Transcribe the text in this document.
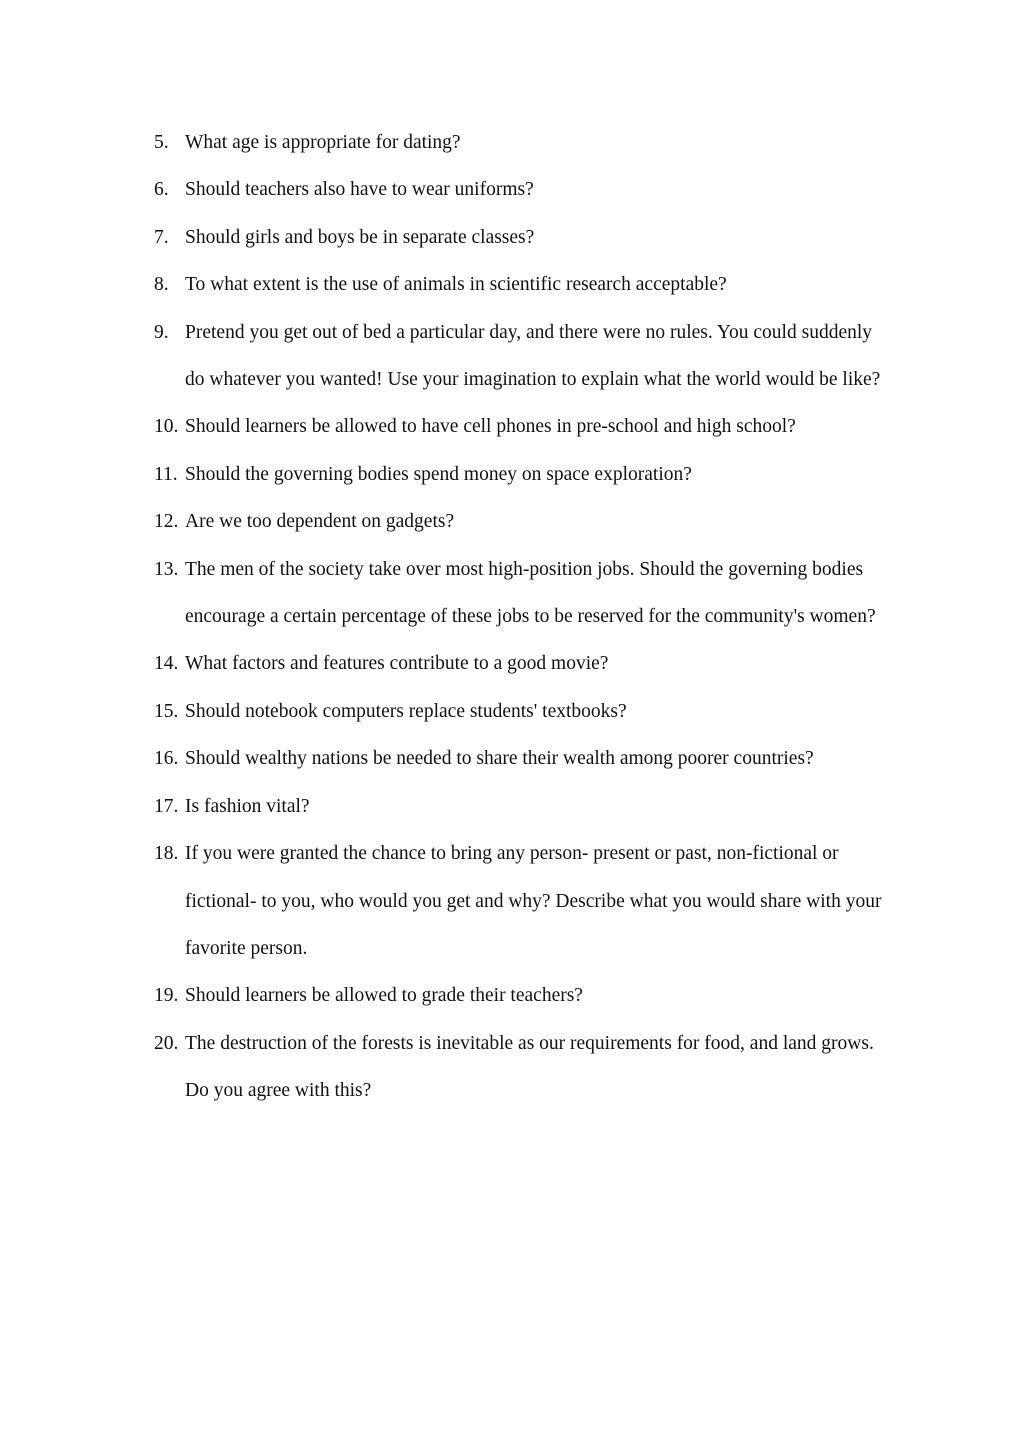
5. What age is appropriate for dating?
6. Should teachers also have to wear uniforms?
7. Should girls and boys be in separate classes?
8. To what extent is the use of animals in scientific research acceptable?
9. Pretend you get out of bed a particular day, and there were no rules. You could suddenly do whatever you wanted! Use your imagination to explain what the world would be like?
10. Should learners be allowed to have cell phones in pre-school and high school?
11. Should the governing bodies spend money on space exploration?
12. Are we too dependent on gadgets?
13. The men of the society take over most high-position jobs. Should the governing bodies encourage a certain percentage of these jobs to be reserved for the community's women?
14. What factors and features contribute to a good movie?
15. Should notebook computers replace students' textbooks?
16. Should wealthy nations be needed to share their wealth among poorer countries?
17. Is fashion vital?
18. If you were granted the chance to bring any person- present or past, non-fictional or fictional- to you, who would you get and why? Describe what you would share with your favorite person.
19. Should learners be allowed to grade their teachers?
20. The destruction of the forests is inevitable as our requirements for food, and land grows. Do you agree with this?
